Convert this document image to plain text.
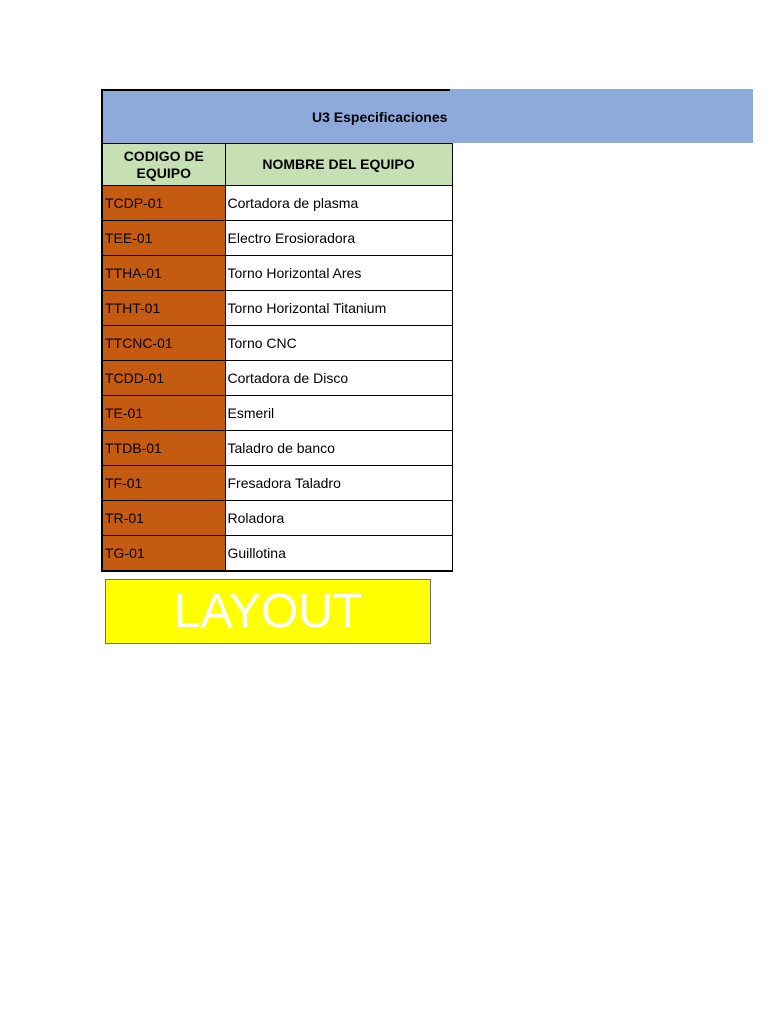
U3 Especificaciones
CODIGO DE EQUIPO	NOMBRE DEL EQUIPO
TCDP-01	Cortadora de plasma
TEE-01	Electro Erosioradora
TTHA-01	Torno Horizontal Ares
TTHT-01	Torno Horizontal Titanium
TTCNC-01	Torno CNC
TCDD-01	Cortadora de Disco
TE-01	Esmeril
TTDB-01	Taladro de banco
TF-01	Fresadora Taladro
TR-01	Roladora
TG-01	Guillotina
LAYOUT
